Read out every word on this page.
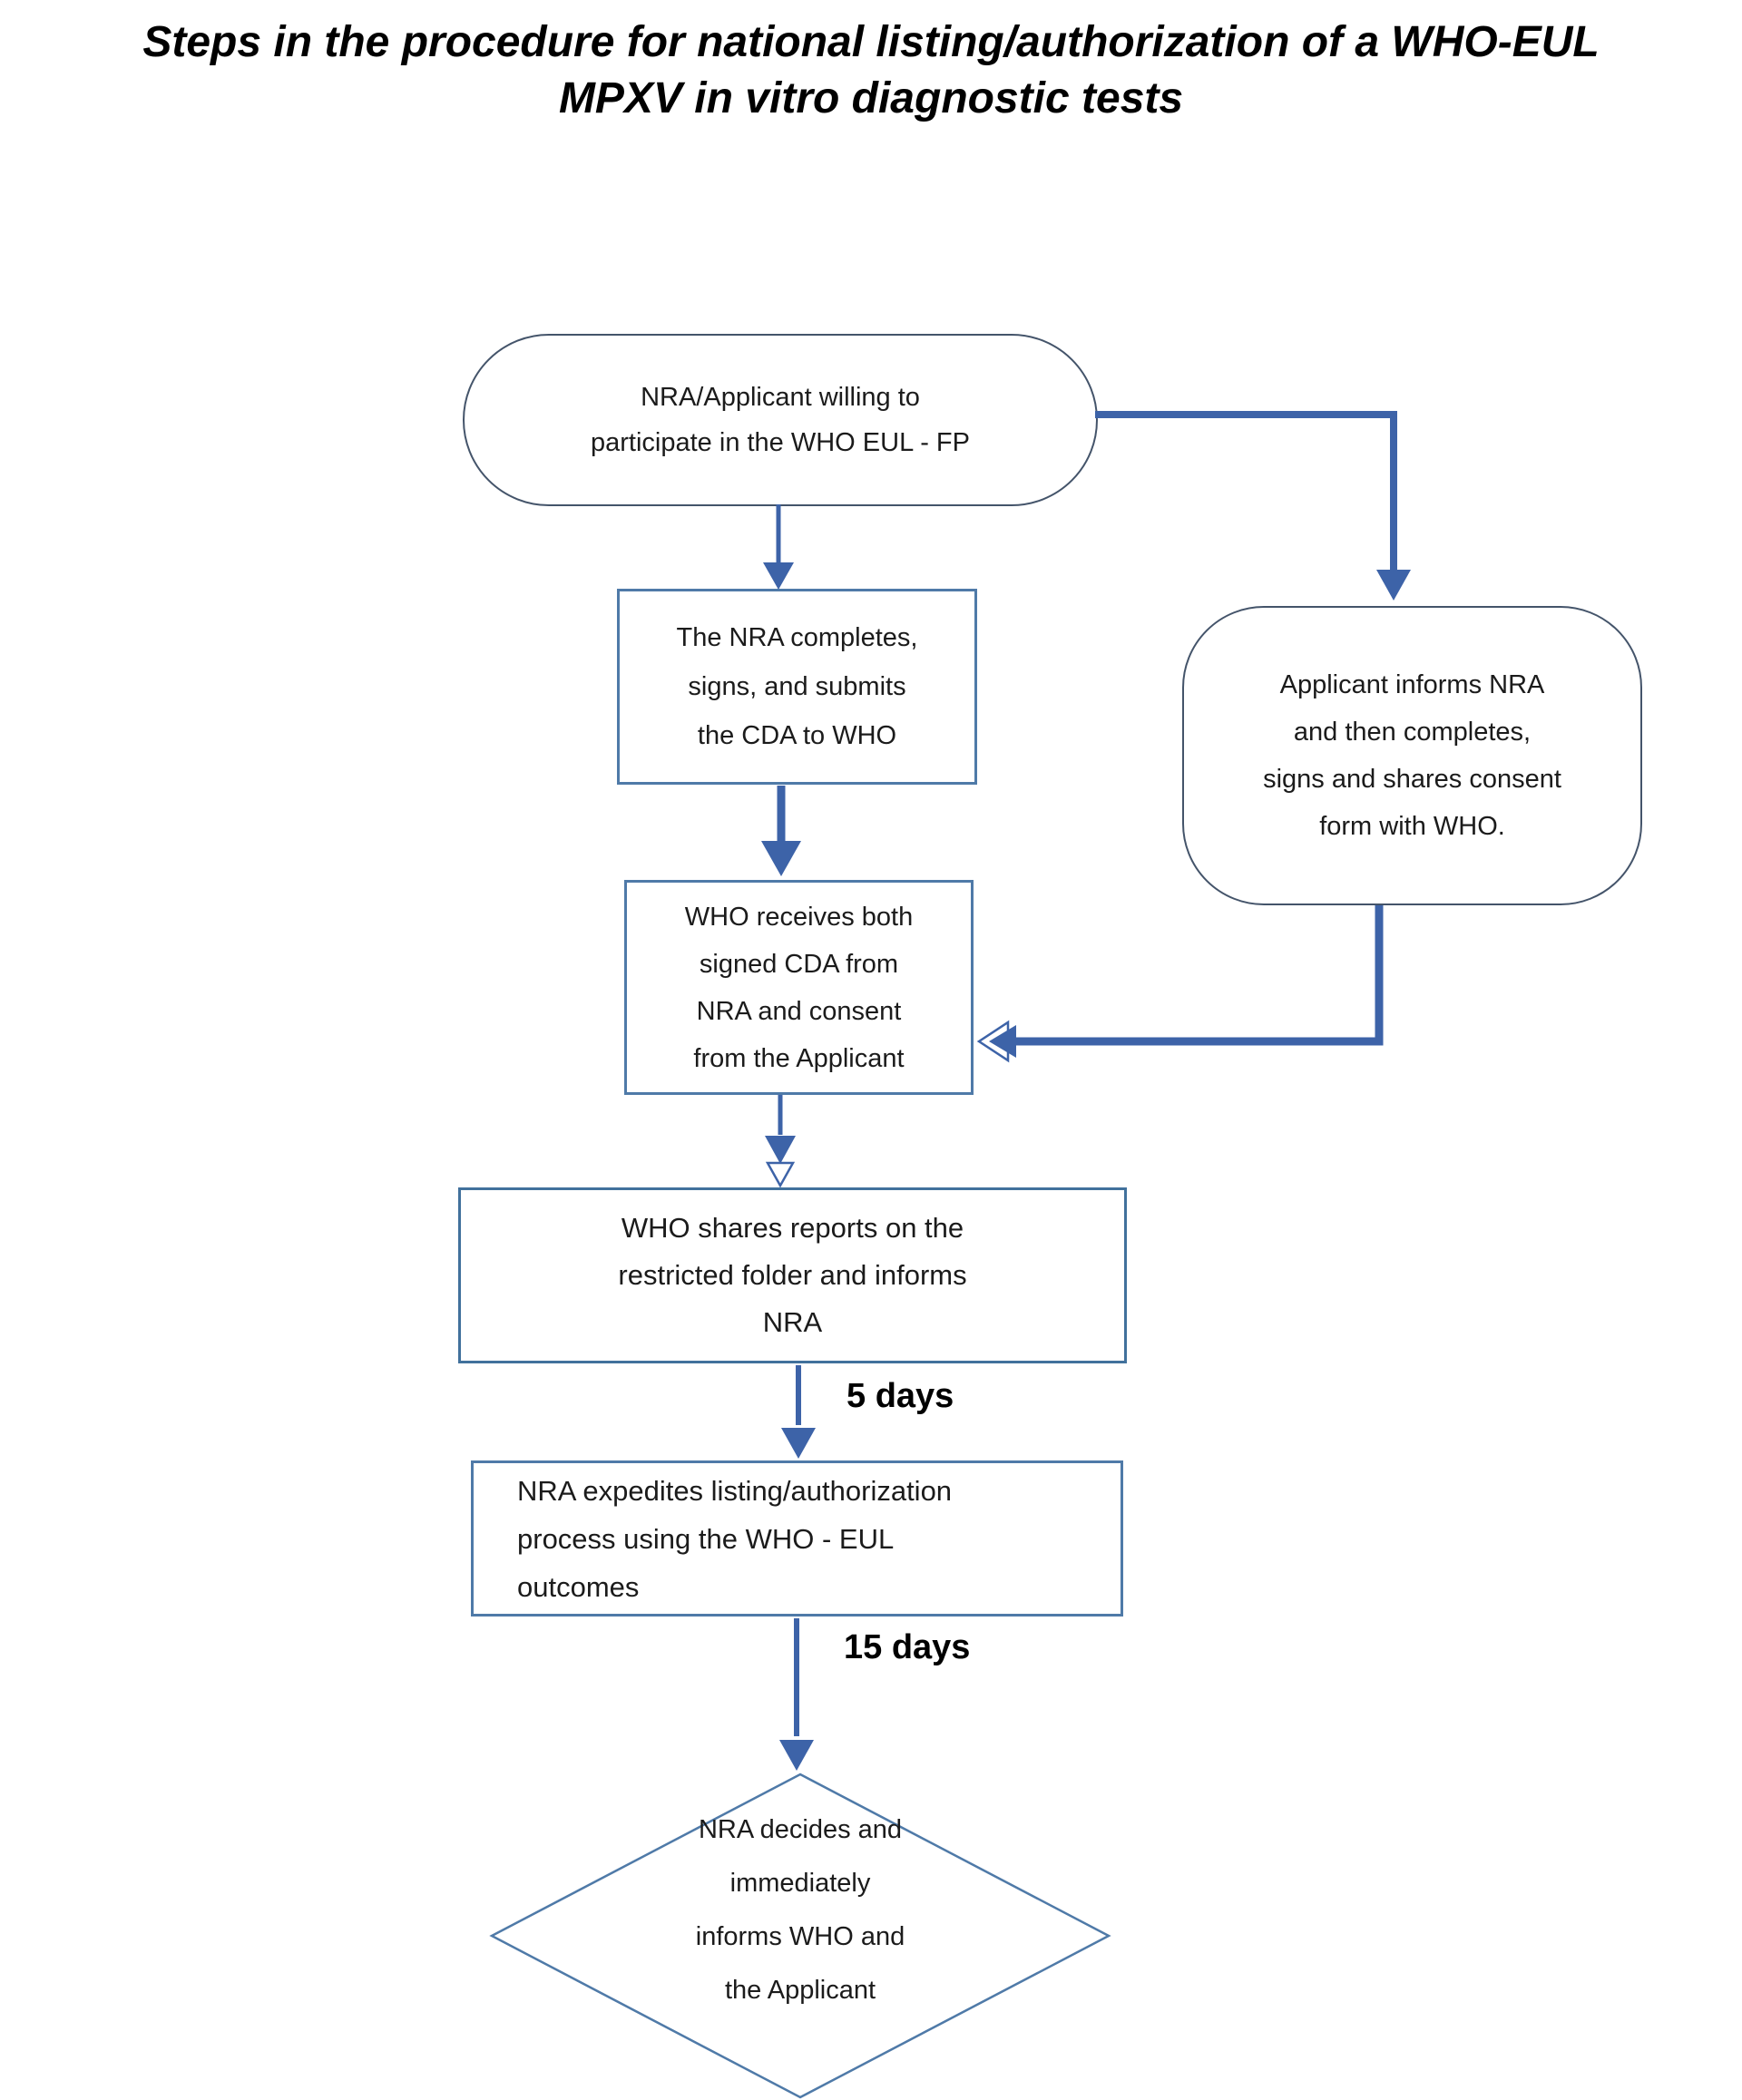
Steps in the procedure for national listing/authorization of a WHO-EUL
MPXV in vitro diagnostic tests
NRA/Applicant willing to
participate in the WHO EUL - FP
The NRA completes,
signs, and submits
the CDA to WHO
Applicant informs NRA
and then completes,
signs and shares consent
form with WHO.
WHO receives both
signed CDA from
NRA and consent
from the Applicant
WHO shares reports on the
restricted folder and informs
NRA
NRA expedites listing/authorization
process using the WHO - EUL
outcomes
NRA decides and
immediately
informs WHO and
the Applicant
5 days
15 days
